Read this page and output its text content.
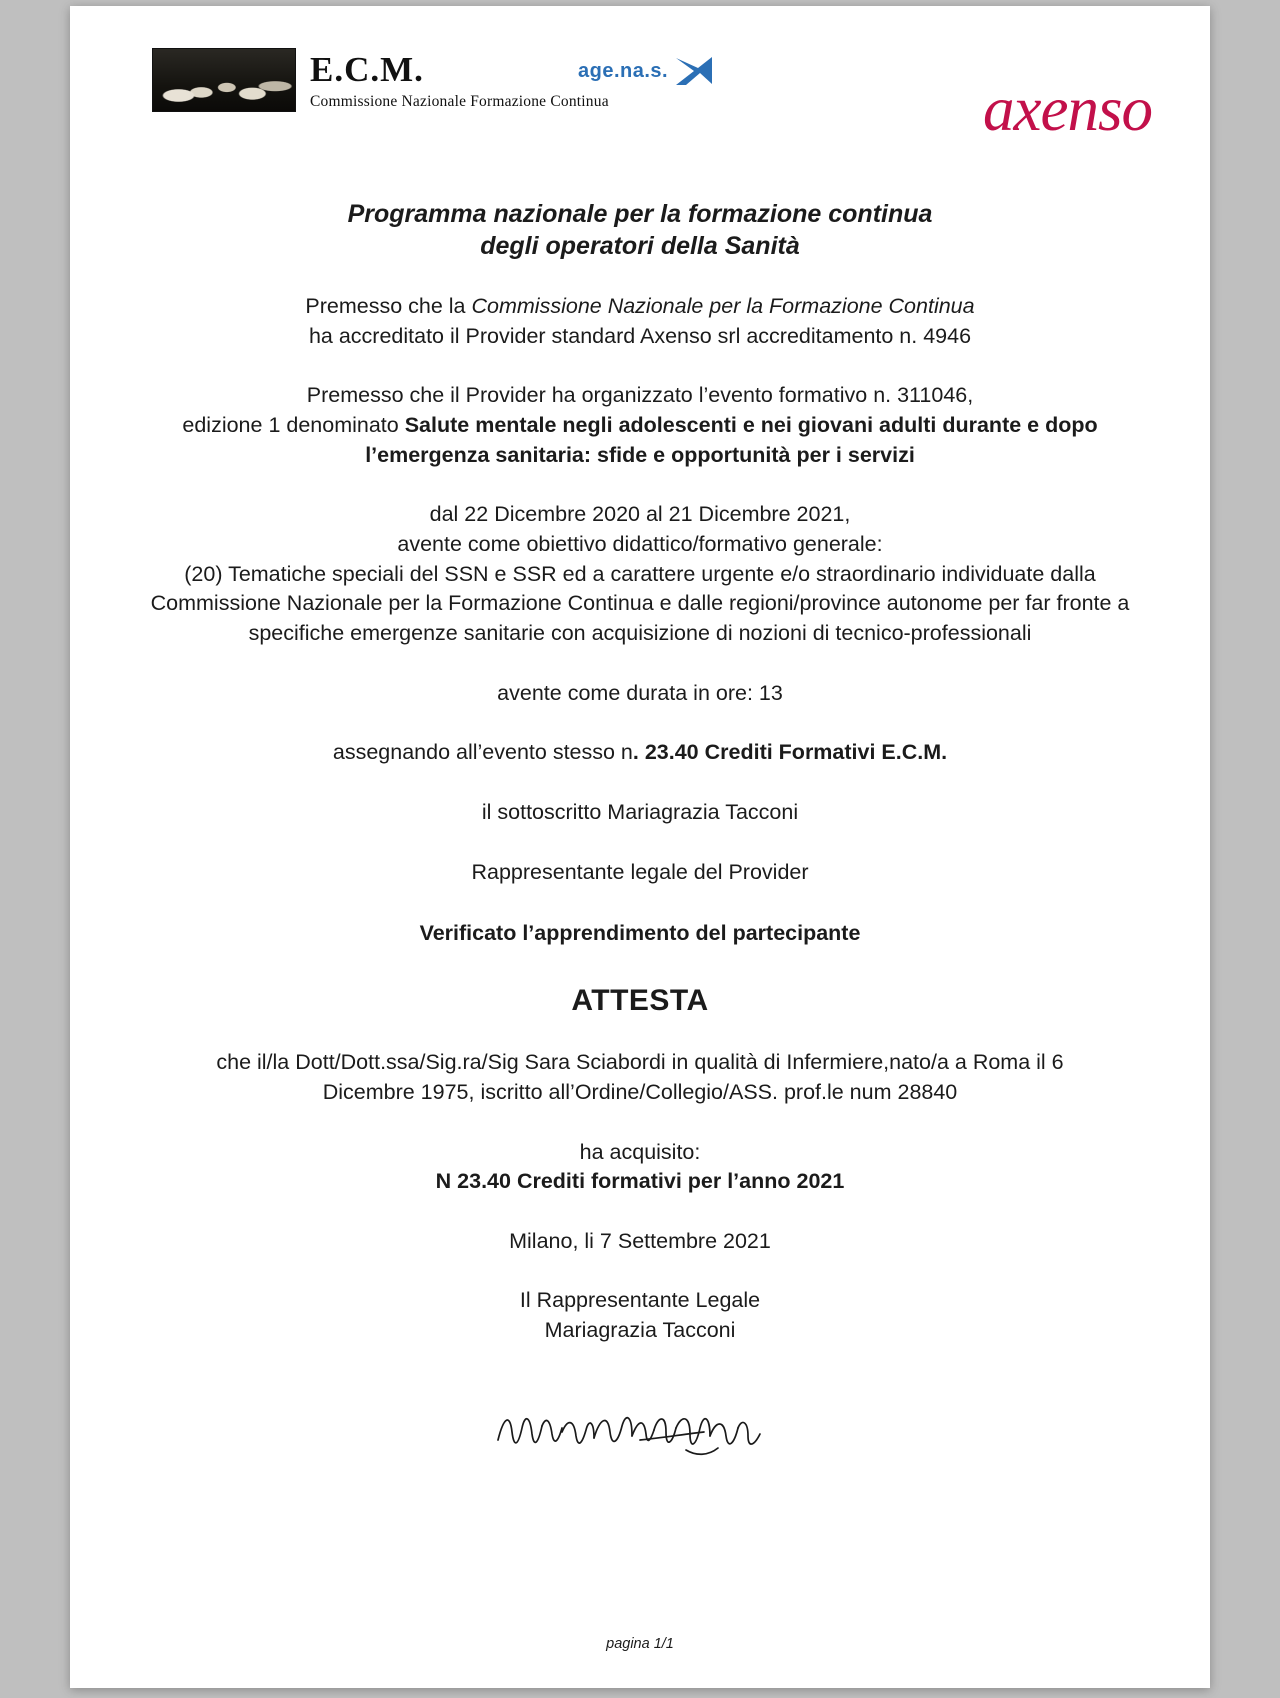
E.C.M.
Commissione Nazionale Formazione Continua
age.na.s.
axenso
Programma nazionale per la formazione continua
degli operatori della Sanità

Premesso che la Commissione Nazionale per la Formazione Continua
ha accreditato il Provider standard Axenso srl accreditamento n. 4946

Premesso che il Provider ha organizzato l’evento formativo n. 311046,
edizione 1 denominato Salute mentale negli adolescenti e nei giovani adulti durante e dopo l’emergenza sanitaria: sfide e opportunità per i servizi

dal 22 Dicembre 2020 al 21 Dicembre 2021,
avente come obiettivo didattico/formativo generale:
(20) Tematiche speciali del SSN e SSR ed a carattere urgente e/o straordinario individuate dalla Commissione Nazionale per la Formazione Continua e dalle regioni/province autonome per far fronte a specifiche emergenze sanitarie con acquisizione di nozioni di tecnico-professionali

avente come durata in ore: 13

assegnando all’evento stesso n. 23.40 Crediti Formativi E.C.M.

il sottoscritto Mariagrazia Tacconi

Rappresentante legale del Provider

Verificato l’apprendimento del partecipante
ATTESTA

che il/la Dott/Dott.ssa/Sig.ra/Sig Sara Sciabordi in qualità di Infermiere,nato/a a Roma il 6
Dicembre 1975, iscritto all’Ordine/Collegio/ASS. prof.le num 28840

ha acquisito:
N 23.40 Crediti formativi per l’anno 2021

Milano, li 7 Settembre 2021

Il Rappresentante Legale
Mariagrazia Tacconi

pagina 1/1
